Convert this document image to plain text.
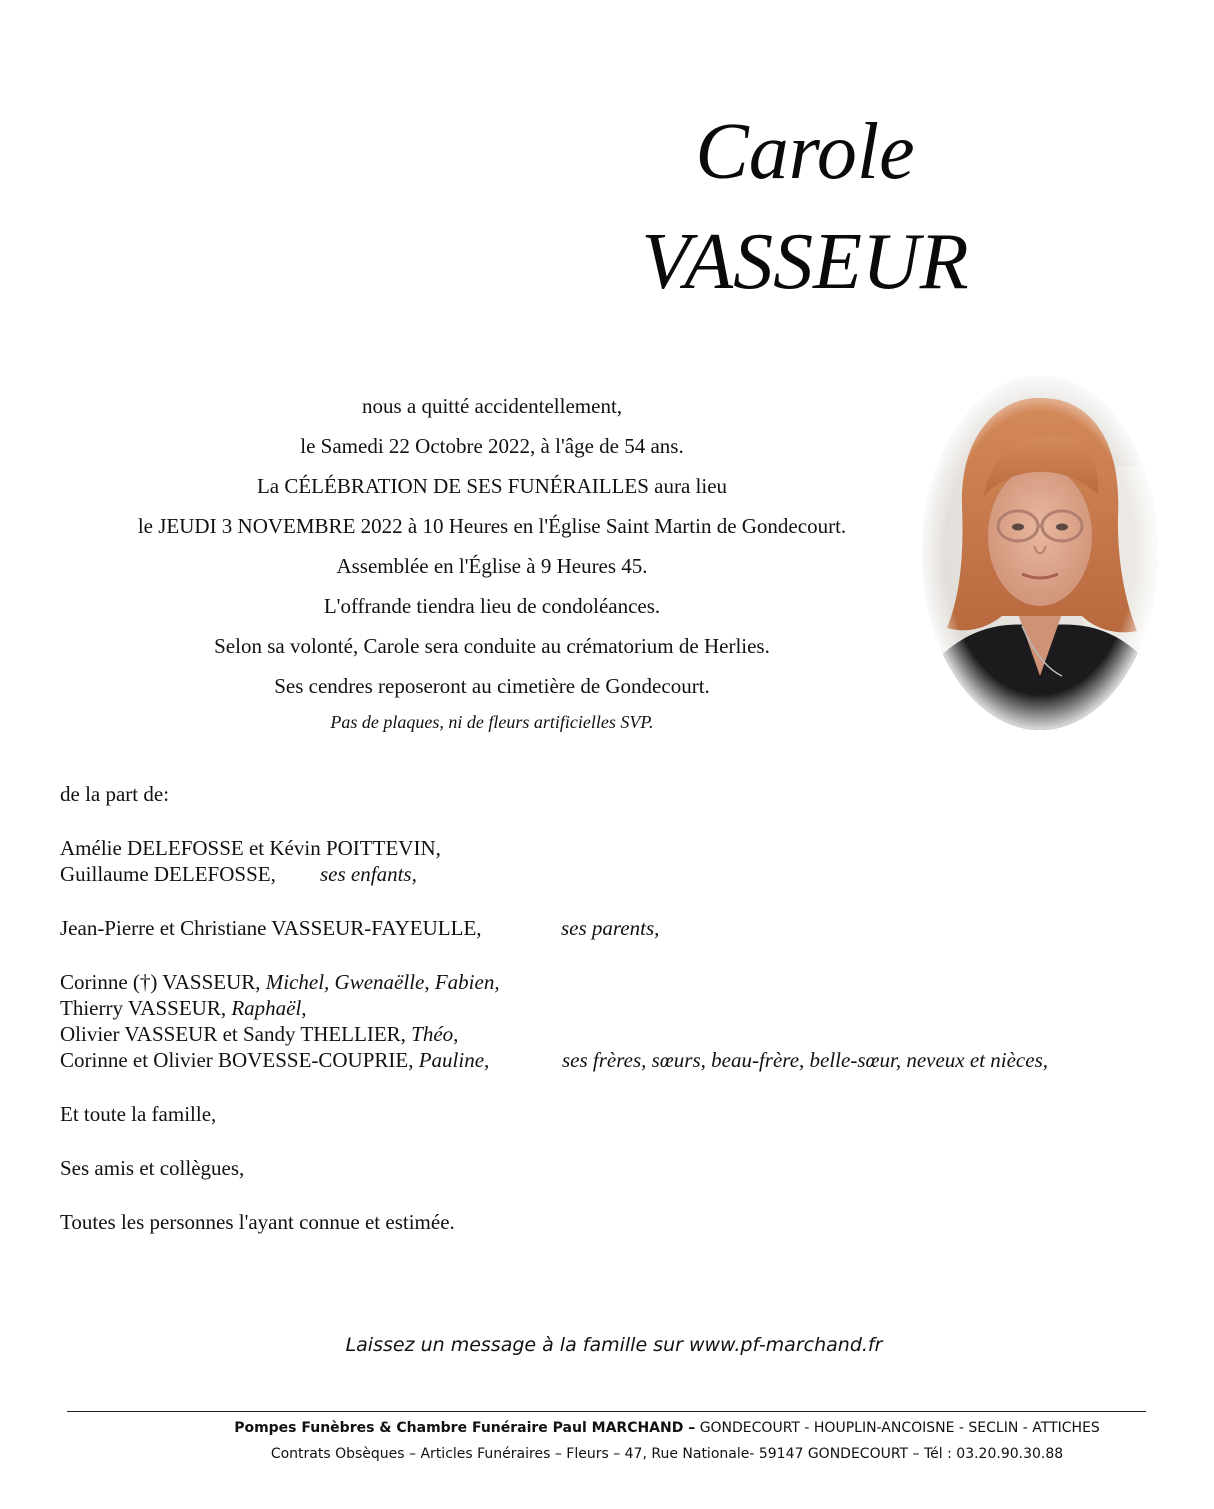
Carole
VASSEUR
nous a quitté accidentellement,
le Samedi 22 Octobre 2022, à l'âge de 54 ans.
La CÉLÉBRATION DE SES FUNÉRAILLES aura lieu
le JEUDI 3 NOVEMBRE 2022 à 10 Heures en l'Église Saint Martin de Gondecourt.
Assemblée en l'Église à 9 Heures 45.
L'offrande tiendra lieu de condoléances.
Selon sa volonté, Carole sera conduite au crématorium de Herlies.
Ses cendres reposeront au cimetière de Gondecourt.
Pas de plaques, ni de fleurs artificielles SVP.
de la part de:
Amélie DELEFOSSE et Kévin POITTEVIN,
Guillaume DELEFOSSE, ses enfants,
Jean-Pierre et Christiane VASSEUR-FAYEULLE,	ses parents,
Corinne (†) VASSEUR, Michel, Gwenaëlle, Fabien,
Thierry VASSEUR, Raphaël,
Olivier VASSEUR et Sandy THELLIER, Théo,
Corinne et Olivier BOVESSE-COUPRIE, Pauline,	ses frères, sœurs, beau-frère, belle-sœur, neveux et nièces,
Et toute la famille,
Ses amis et collègues,
Toutes les personnes l'ayant connue et estimée.
Laissez un message à la famille sur www.pf-marchand.fr
Pompes Funèbres & Chambre Funéraire Paul MARCHAND – GONDECOURT - HOUPLIN-ANCOISNE - SECLIN - ATTICHES
Contrats Obsèques – Articles Funéraires – Fleurs – 47, Rue Nationale- 59147 GONDECOURT – Tél : 03.20.90.30.88
